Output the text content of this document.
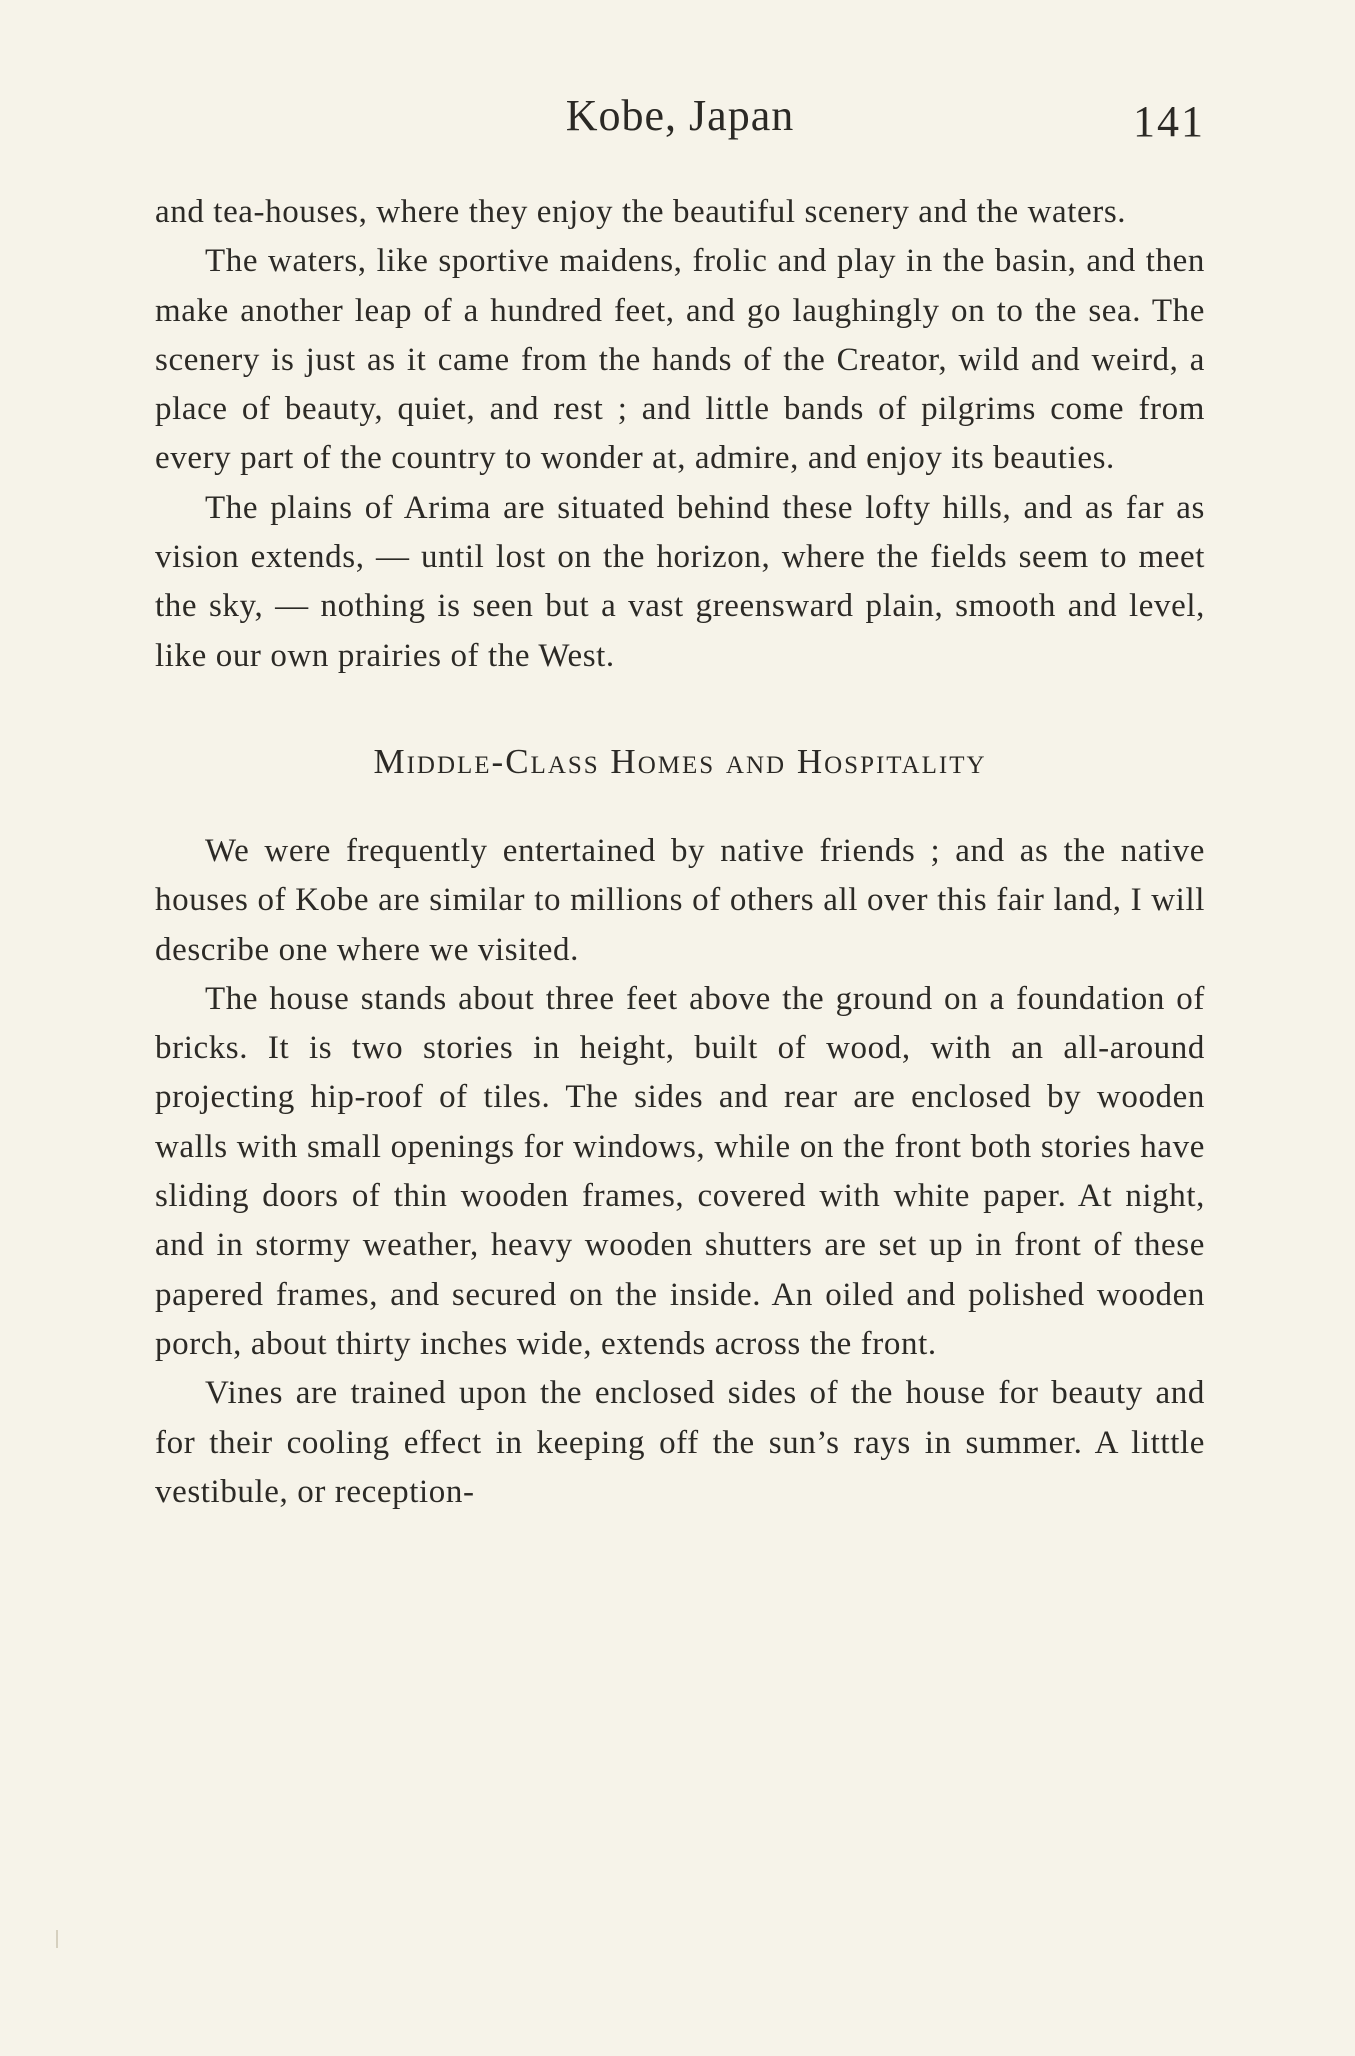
Kobe, Japan	141

and tea-houses, where they enjoy the beautiful scenery and the waters.

The waters, like sportive maidens, frolic and play in the basin, and then make another leap of a hundred feet, and go laughingly on to the sea. The scenery is just as it came from the hands of the Creator, wild and weird, a place of beauty, quiet, and rest ; and little bands of pilgrims come from every part of the country to wonder at, admire, and enjoy its beauties.

The plains of Arima are situated behind these lofty hills, and as far as vision extends, — until lost on the horizon, where the fields seem to meet the sky, — nothing is seen but a vast greensward plain, smooth and level, like our own prairies of the West.

Middle-Class Homes and Hospitality

We were frequently entertained by native friends ; and as the native houses of Kobe are similar to millions of others all over this fair land, I will describe one where we visited.

The house stands about three feet above the ground on a foundation of bricks. It is two stories in height, built of wood, with an all-around projecting hip-roof of tiles. The sides and rear are enclosed by wooden walls with small openings for windows, while on the front both stories have sliding doors of thin wooden frames, covered with white paper. At night, and in stormy weather, heavy wooden shutters are set up in front of these papered frames, and secured on the inside. An oiled and polished wooden porch, about thirty inches wide, extends across the front.

Vines are trained upon the enclosed sides of the house for beauty and for their cooling effect in keeping off the sun’s rays in summer. A litttle vestibule, or reception-
